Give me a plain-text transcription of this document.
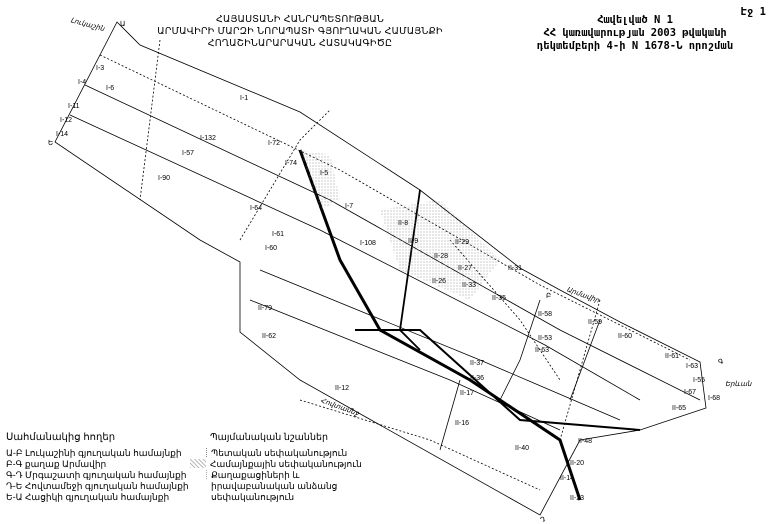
ՀԱՅԱՍՏԱՆԻ ՀԱՆՐԱՊԵՏՈՒԹՅԱՆ
ԱՐՄԱՎԻՐԻ ՄԱՐԶԻ ՆՈՐԱՊԱՏԻ ԳՅՈՒՂԱԿԱՆ ՀԱՄԱՅՆՔԻ
ՀՈՂԱՇԻՆԱՐԱՐԱԿԱՆ ՀԱՏԱԿԱԳԻԾԸ
Էջ 1
Հավելված N 1
ՀՀ կառավարության 2003 թվականի
դեկտեմբերի 4-ի N 1678-Ն որոշման
Ա
Բ
Գ
Դ
Ե
Լուկաշին
Արմավիր
Երևան
Հովտամեջ
I-3
I-4
I-6
I-11
I-12
I-14
I-57
I-90
I-132
I-1
I-72
I-74
I-5
I-7
II-8
II-9	II-29
II-28
II-27
II-26
II-33
II-35
II-31
II-37
II-36
II-58
II-59
II-60
II-61
I-63
I-55
I-67
I-68
II-65
II-12
II-17
II-16
II-40
II-48
II-14
II-23
II-20
II-79
II-62
I-60
I-61
I-64
I-108
II-53
II-63
Սահմանակից հողեր
Ա-Բ Լուկաշինի գյուղական համայնքի
Բ-Գ քաղաք Արմավիր
Գ-Դ Մրգաշատի գյուղական համայնքի
Դ-Ե Հովտամեջի գյուղական համայնքի
Ե-Ա Հացիկի գյուղական համայնքի
Պայմանական նշաններ
Պետական սեփականություն
Համայնքային սեփականություն
Քաղաքացիների և իրավաբանական անձանց սեփականություն
